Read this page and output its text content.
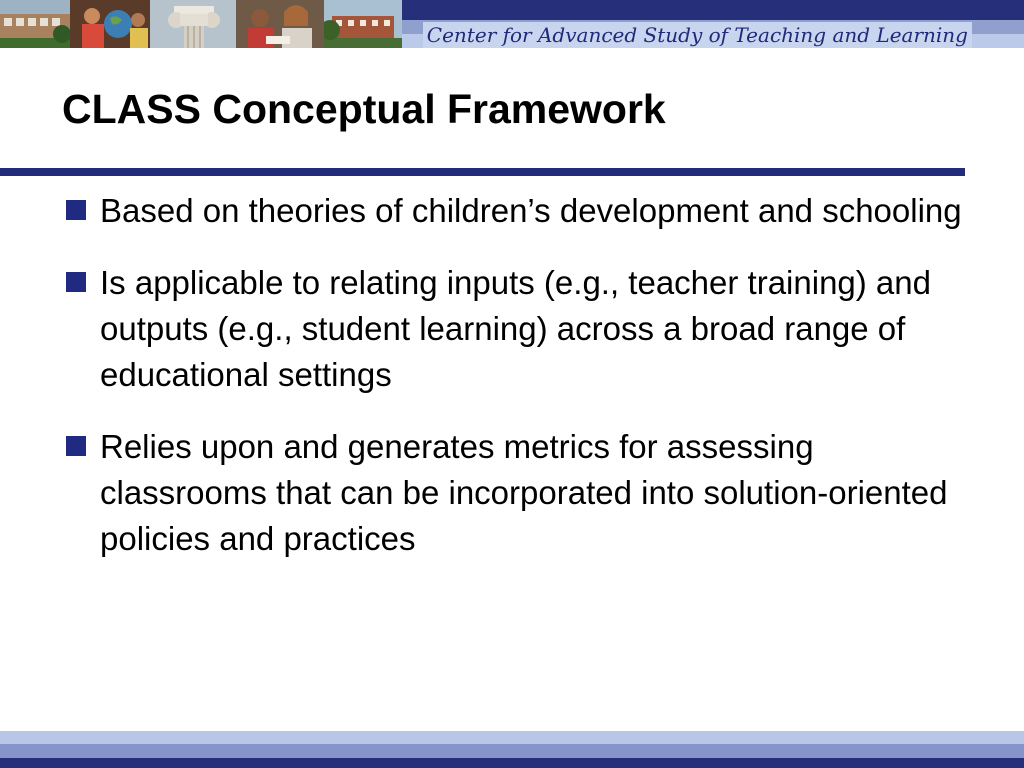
Center for Advanced Study of Teaching and Learning
CLASS Conceptual Framework
Based on theories of children’s development and schooling
Is applicable to relating inputs (e.g., teacher training) and outputs (e.g., student learning) across a broad range of educational settings
Relies upon and generates metrics for assessing classrooms that can be incorporated into solution-oriented policies and practices
